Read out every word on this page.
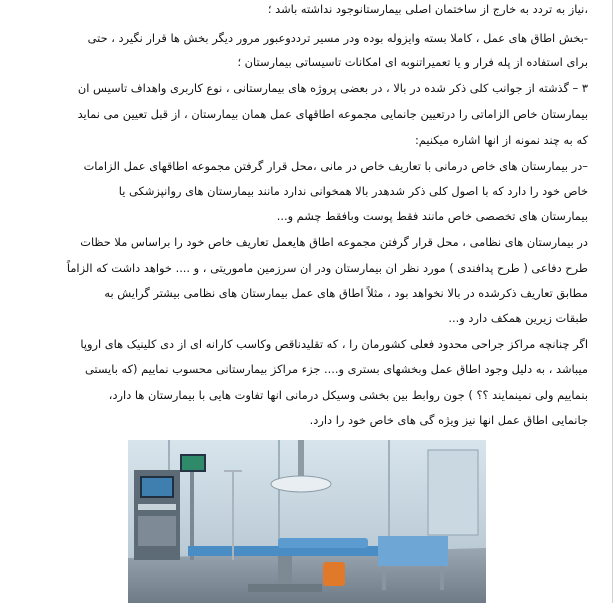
،نیاز به تردد به خارج از ساختمان اصلی بیمارستانوجود نداشته باشد ؛
-بخش اطاق های عمل ، کاملا بسته وایزوله بوده ودر مسیر ترددوعبور مرور دیگر بخش ها قرار نگیرد ، حتی
برای استفاده از پله فرار و یا تعمیراتنوبه ای امکانات تاسیساتی بیمارستان ؛
۳ – گذشته از جوانب کلی ذکر شده در بالا ، در بعضی پروژه های بیمارستانی ، نوع کاربری واهداف تاسیس ان
بیمارستان خاص الزاماتی را درتعیین جانمایی مجموعه اطاقهای عمل همان بیمارستان ، از قبل تعیین می نماید
که به چند نمونه از انها اشاره میکنیم:
–در بیمارستان های خاص درمانی با تعاریف خاص در مانی ،محل قرار گرفتن مجموعه اطاقهای عمل الزامات
خاص خود را دارد که با اصول کلی ذکر شدهدر بالا همخوانی ندارد مانند بیمارستان های روانپزشکی یا
بیمارستان های تخصصی خاص مانند فقط پوست وبافقط چشم و...
در بیمارستان های نظامی ، محل قرار گرفتن مجموعه اطاق هایعمل تعاریف خاص خود را براساس ملا حظات
طرح دفاعی ( طرح پدافندی ) مورد نظر ان بیمارستان ودر ان سرزمین ماموریتی ، و .... خواهد داشت که الزاماً
مطابق تعاریف ذکرشده در بالا نخواهد بود ، مثلاً اطاق های عمل بیمارستان های نظامی بیشتر گرایش به
طبقات زیرین همکف دارد و...
اگر چنانچه مراکز جراحی محدود فعلی کشورمان را ، که تقلیدناقص وکاسب کارانه ای از دی کلینیک های اروپا
میباشد ، به دلیل وجود اطاق عمل وبخشهای بستری و.... جزء مراکز بیمارستانی محسوب نماییم (که بایستی
بنماییم ولی نمینمایند ؟؟ ) جون روابط بین بخشی وسیکل درمانی انها تفاوت هایی با بیمارستان ها دارد،
جانمایی اطاق عمل انها نیز ویژه گی های خاص خود را دارد.
